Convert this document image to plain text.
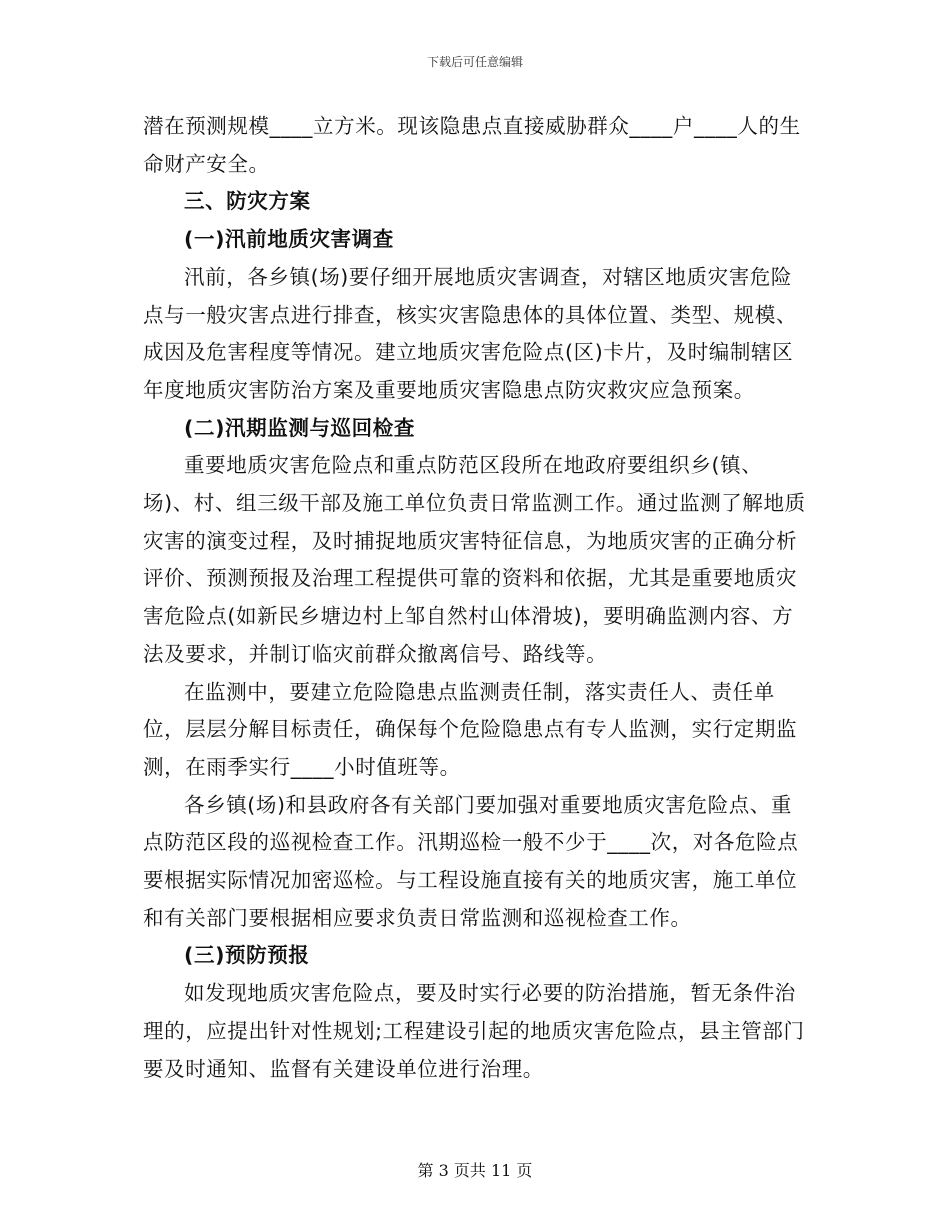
下载后可任意编辑

潜在预测规模____立方米。现该隐患点直接威胁群众____户____人的生命财产安全。

三、防灾方案

(一)汛前地质灾害调查

汛前，各乡镇(场)要仔细开展地质灾害调查，对辖区地质灾害危险点与一般灾害点进行排查，核实灾害隐患体的具体位置、类型、规模、成因及危害程度等情况。建立地质灾害危险点(区)卡片，及时编制辖区年度地质灾害防治方案及重要地质灾害隐患点防灾救灾应急预案。

(二)汛期监测与巡回检查

重要地质灾害危险点和重点防范区段所在地政府要组织乡(镇、场)、村、组三级干部及施工单位负责日常监测工作。通过监测了解地质灾害的演变过程，及时捕捉地质灾害特征信息，为地质灾害的正确分析评价、预测预报及治理工程提供可靠的资料和依据，尤其是重要地质灾害危险点(如新民乡塘边村上邹自然村山体滑坡)，要明确监测内容、方法及要求，并制订临灾前群众撤离信号、路线等。

在监测中，要建立危险隐患点监测责任制，落实责任人、责任单位，层层分解目标责任，确保每个危险隐患点有专人监测，实行定期监测，在雨季实行____小时值班等。

各乡镇(场)和县政府各有关部门要加强对重要地质灾害危险点、重点防范区段的巡视检查工作。汛期巡检一般不少于____次，对各危险点要根据实际情况加密巡检。与工程设施直接有关的地质灾害，施工单位和有关部门要根据相应要求负责日常监测和巡视检查工作。

(三)预防预报

如发现地质灾害危险点，要及时实行必要的防治措施，暂无条件治理的，应提出针对性规划;工程建设引起的地质灾害危险点，县主管部门要及时通知、监督有关建设单位进行治理。

第 3 页共 11 页
